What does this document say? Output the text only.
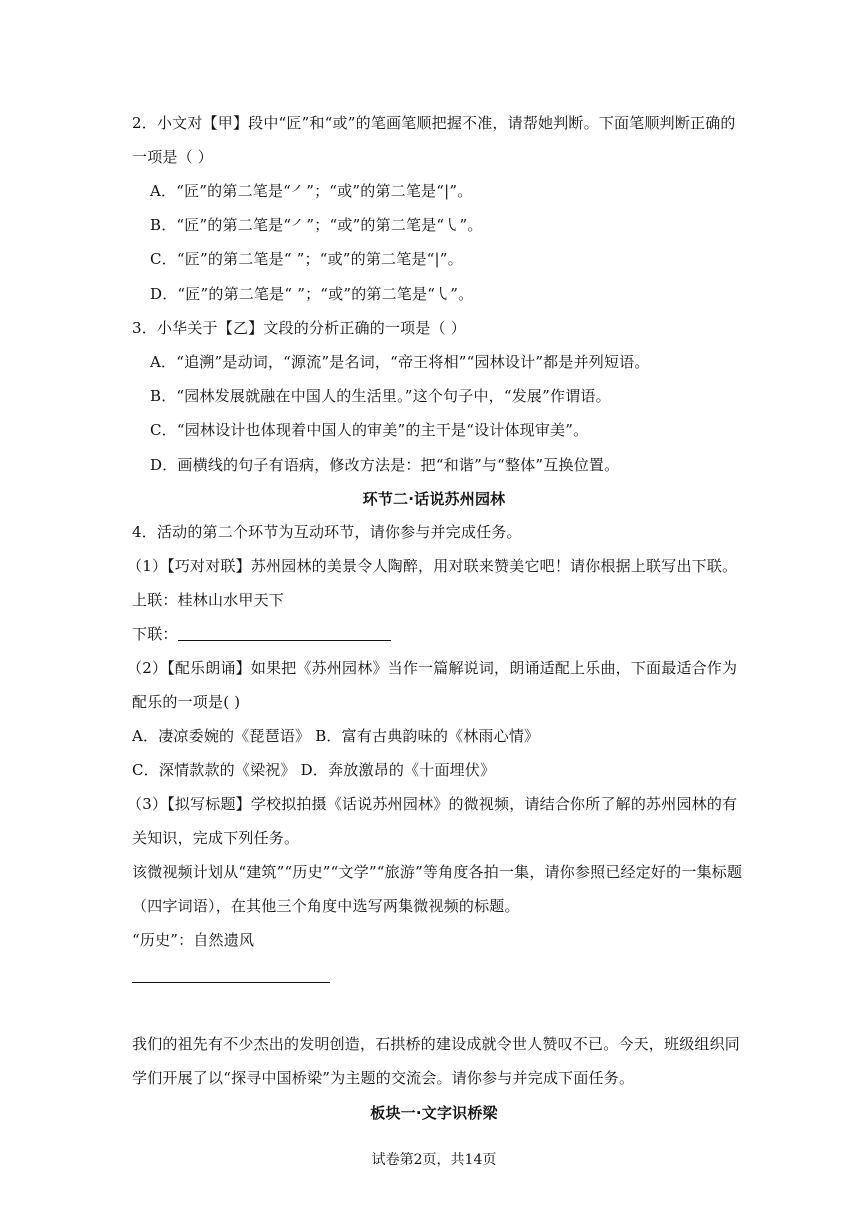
2．小文对【甲】段中“匠”和“或”的笔画笔顺把握不准，请帮她判断。下面笔顺判断正确的
一项是（ ）
A．“匠”的第二笔是“㇒”；“或”的第二笔是“|”。
B．“匠”的第二笔是“㇒”；“或”的第二笔是“㇂”。
C．“匠”的第二笔是“ ”；“或”的第二笔是“|”。
D．“匠”的第二笔是“ ”；“或”的第二笔是“㇂”。
3．小华关于【乙】文段的分析正确的一项是（ ）
A．“追溯”是动词，“源流”是名词，“帝王将相”“园林设计”都是并列短语。
B．“园林发展就融在中国人的生活里。”这个句子中，“发展”作谓语。
C．“园林设计也体现着中国人的审美”的主干是“设计体现审美”。
D．画横线的句子有语病，修改方法是：把“和谐”与“整体”互换位置。
环节二·话说苏州园林
4．活动的第二个环节为互动环节，请你参与并完成任务。
（1）【巧对对联】苏州园林的美景令人陶醉，用对联来赞美它吧！请你根据上联写出下联。
上联：桂林山水甲天下
下联：
（2）【配乐朗诵】如果把《苏州园林》当作一篇解说词，朗诵适配上乐曲，下面最适合作为
配乐的一项是( )
A．凄凉委婉的《琵琶语》 B．富有古典韵味的《林雨心情》
C．深情款款的《梁祝》 D．奔放激昂的《十面埋伏》
（3）【拟写标题】学校拟拍摄《话说苏州园林》的微视频，请结合你所了解的苏州园林的有
关知识，完成下列任务。
该微视频计划从“建筑”“历史”“文学”“旅游”等角度各拍一集，请你参照已经定好的一集标题
（四字词语），在其他三个角度中选写两集微视频的标题。
“历史”：自然遗风
我们的祖先有不少杰出的发明创造，石拱桥的建设成就令世人赞叹不已。今天，班级组织同
学们开展了以“探寻中国桥梁”为主题的交流会。请你参与并完成下面任务。
板块一·文字识桥梁
试卷第2页，共14页
